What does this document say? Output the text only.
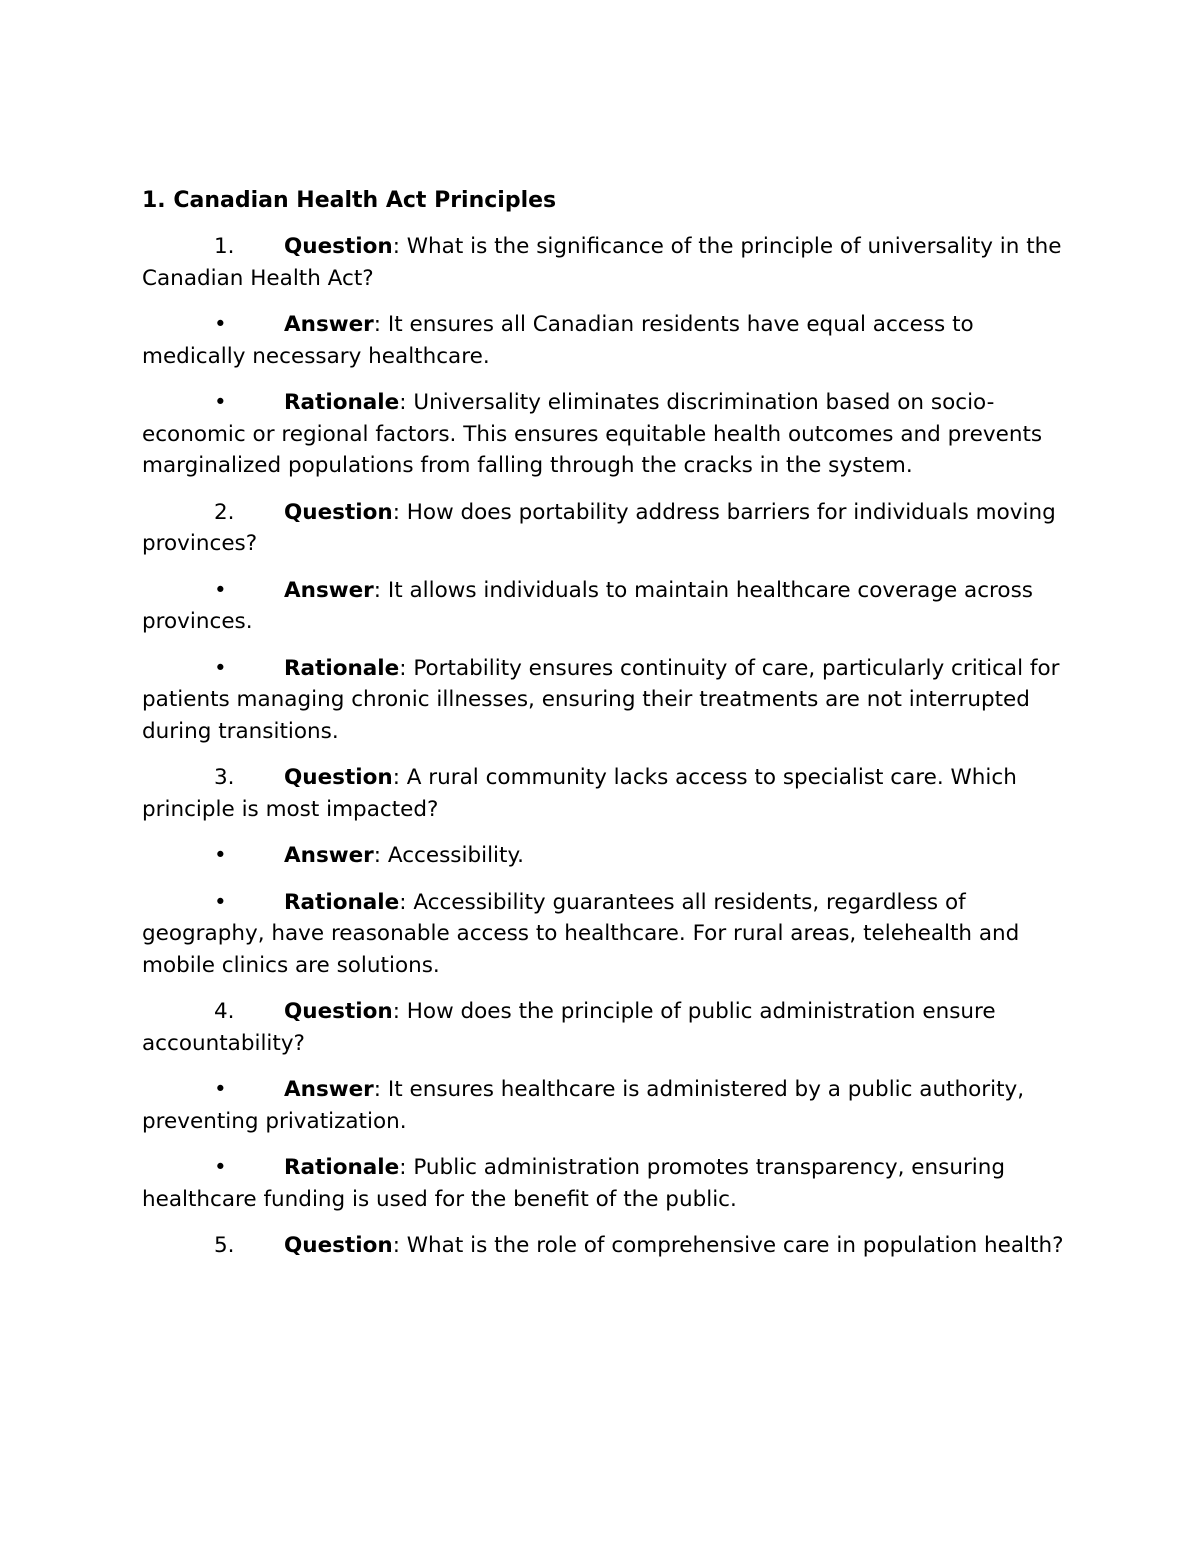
1. Canadian Health Act Principles
1. Question: What is the significance of the principle of universality in the Canadian Health Act?
•	Answer: It ensures all Canadian residents have equal access to medically necessary healthcare.
•	Rationale: Universality eliminates discrimination based on socio-economic or regional factors. This ensures equitable health outcomes and prevents marginalized populations from falling through the cracks in the system.
2. Question: How does portability address barriers for individuals moving provinces?
•	Answer: It allows individuals to maintain healthcare coverage across provinces.
•	Rationale: Portability ensures continuity of care, particularly critical for patients managing chronic illnesses, ensuring their treatments are not interrupted during transitions.
3. Question: A rural community lacks access to specialist care. Which principle is most impacted?
•	Answer: Accessibility.
•	Rationale: Accessibility guarantees all residents, regardless of geography, have reasonable access to healthcare. For rural areas, telehealth and mobile clinics are solutions.
4. Question: How does the principle of public administration ensure accountability?
•	Answer: It ensures healthcare is administered by a public authority, preventing privatization.
•	Rationale: Public administration promotes transparency, ensuring healthcare funding is used for the benefit of the public.
5. Question: What is the role of comprehensive care in population health?
